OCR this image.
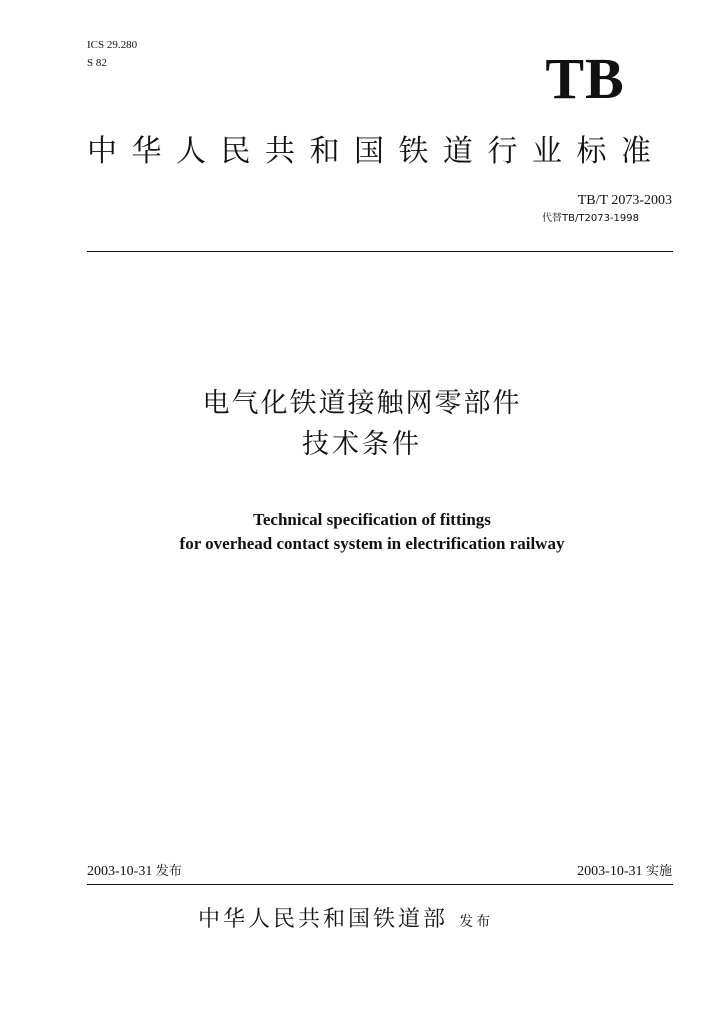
ICS 29.280
S 82	TB
中华人民共和国铁道行业标准
TB/T 2073-2003
代替TB/T2073-1998
电气化铁道接触网零部件
技术条件
Technical specification of fittings
for overhead contact system in electrification railway
2003-10-31 发布	2003-10-31 实施
中华人民共和国铁道部 发布
